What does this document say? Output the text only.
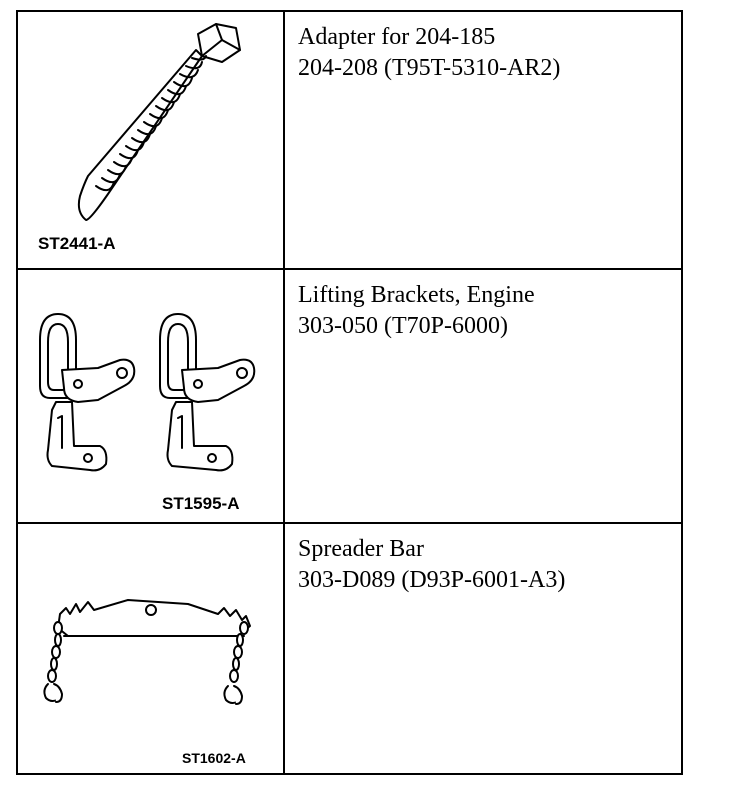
ST2441-A
Adapter for 204-185
204-208 (T95T-5310-AR2)
ST1595-A
Lifting Brackets, Engine
303-050 (T70P-6000)
ST1602-A
Spreader Bar
303-D089 (D93P-6001-A3)
